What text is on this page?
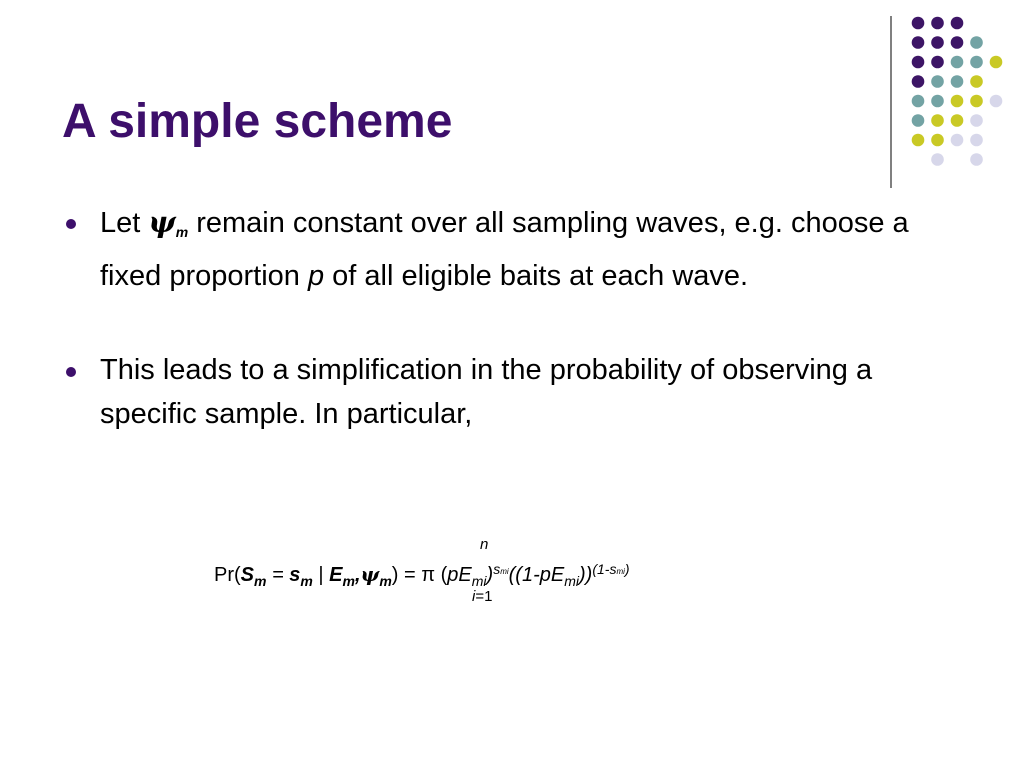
A simple scheme
Let $\psi_m$ remain constant over all sampling waves, e.g. choose a fixed proportion p of all eligible baits at each wave.
This leads to a simplification in the probability of observing a specific sample. In particular,
n
$Pr(S_m = s_m$ | $E_m,\psi_m) = \pi$ $(pE_{mi})^{smi}((1-pE_{mi}))^{(1-smi)}$
i=1
